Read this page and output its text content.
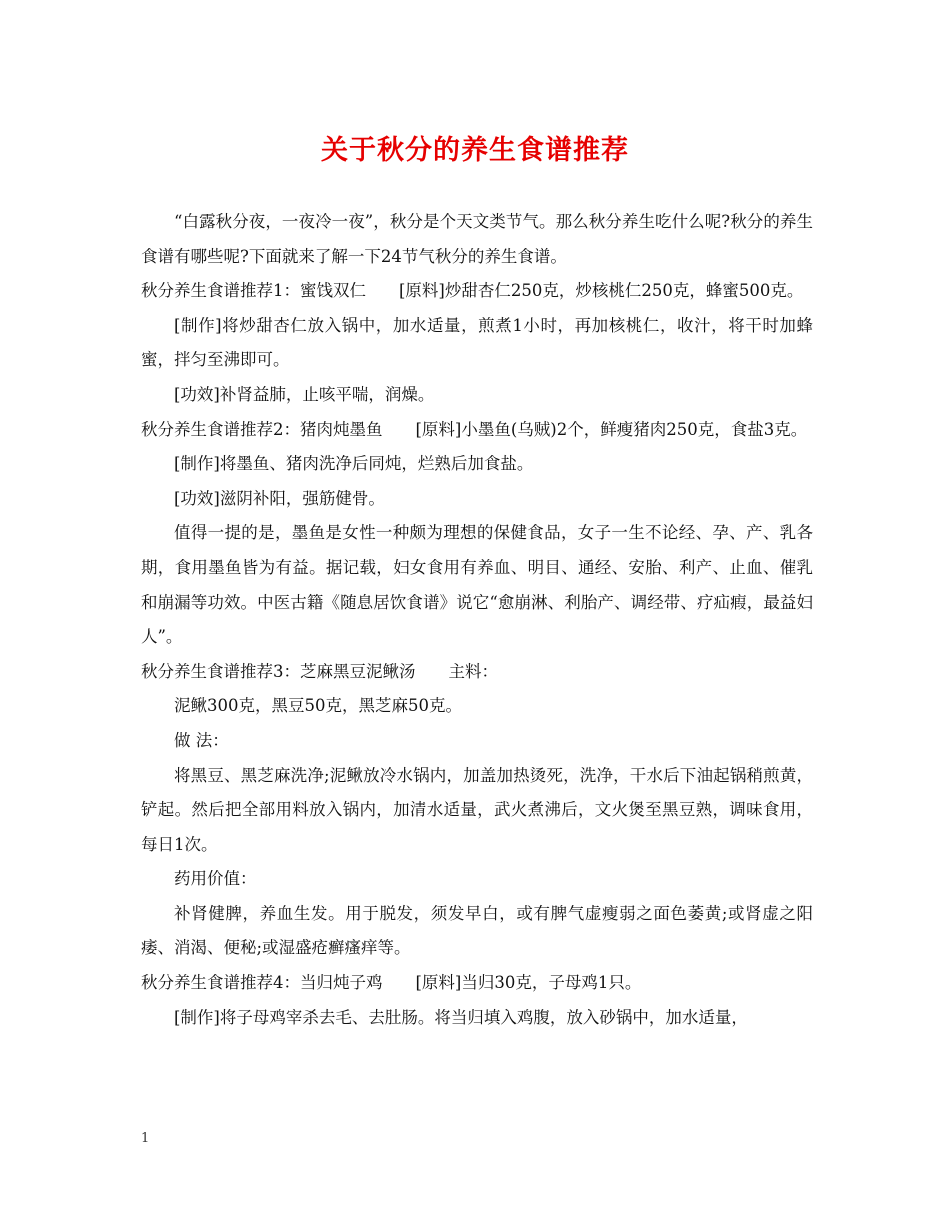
关于秋分的养生食谱推荐

“白露秋分夜，一夜冷一夜”，秋分是个天文类节气。那么秋分养生吃什么呢?秋分的养生食谱有哪些呢?下面就来了解一下24节气秋分的养生食谱。

秋分养生食谱推荐1：蜜饯双仁　　[原料]炒甜杏仁250克，炒核桃仁250克，蜂蜜500克。

[制作]将炒甜杏仁放入锅中，加水适量，煎煮1小时，再加核桃仁，收汁，将干时加蜂蜜，拌匀至沸即可。

[功效]补肾益肺，止咳平喘，润燥。

秋分养生食谱推荐2：猪肉炖墨鱼　　[原料]小墨鱼(乌贼)2个，鲜瘦猪肉250克，食盐3克。

[制作]将墨鱼、猪肉洗净后同炖，烂熟后加食盐。

[功效]滋阴补阳，强筋健骨。

值得一提的是，墨鱼是女性一种颇为理想的保健食品，女子一生不论经、孕、产、乳各期，食用墨鱼皆为有益。据记载，妇女食用有养血、明目、通经、安胎、利产、止血、催乳和崩漏等功效。中医古籍《随息居饮食谱》说它“愈崩淋、利胎产、调经带、疗疝瘕，最益妇人”。

秋分养生食谱推荐3：芝麻黑豆泥鳅汤　　主料：

泥鳅300克，黑豆50克，黑芝麻50克。

做 法：

将黑豆、黑芝麻洗净;泥鳅放冷水锅内，加盖加热烫死，洗净，干水后下油起锅稍煎黄，铲起。然后把全部用料放入锅内，加清水适量，武火煮沸后，文火煲至黑豆熟，调味食用，每日1次。

药用价值：

补肾健脾，养血生发。用于脱发，须发早白，或有脾气虚瘦弱之面色萎黄;或肾虚之阳痿、消渴、便秘;或湿盛疮癣瘙痒等。

秋分养生食谱推荐4：当归炖子鸡　　[原料]当归30克，子母鸡1只。

[制作]将子母鸡宰杀去毛、去肚肠。将当归填入鸡腹，放入砂锅中，加水适量，

1
